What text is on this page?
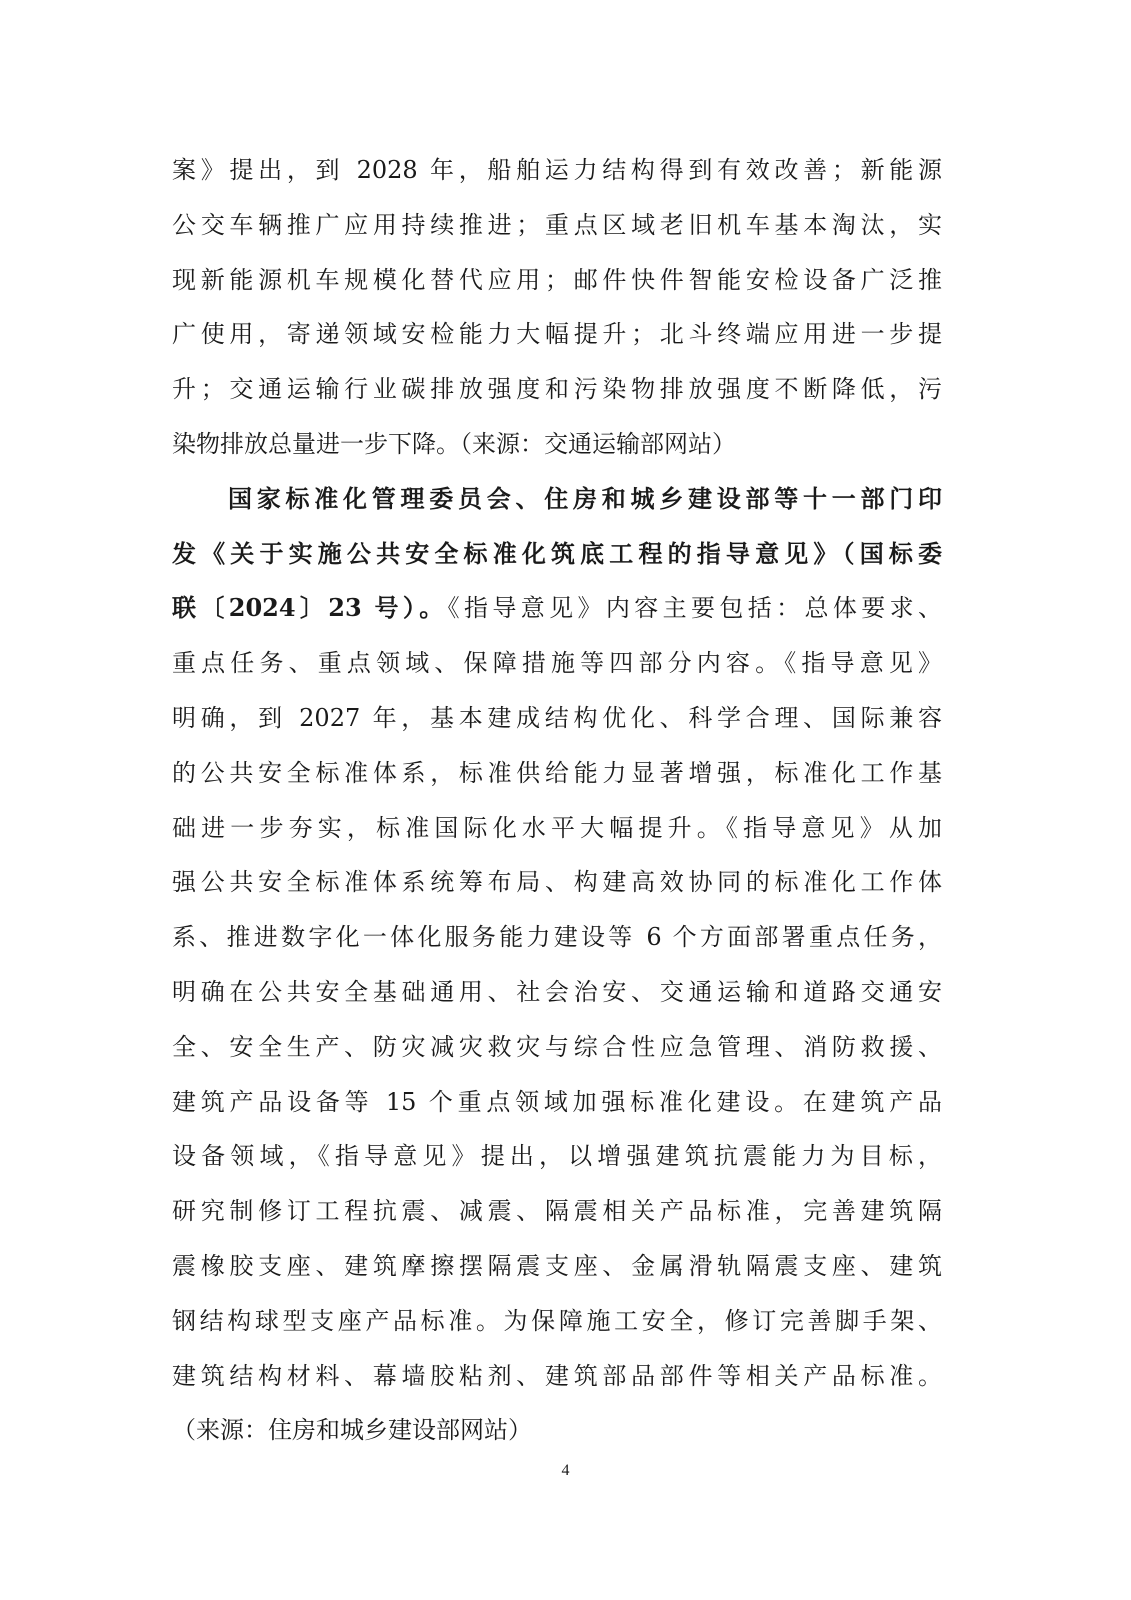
案》提出，到 2028 年，船舶运力结构得到有效改善；新能源
公交车辆推广应用持续推进；重点区域老旧机车基本淘汰，实
现新能源机车规模化替代应用；邮件快件智能安检设备广泛推
广使用，寄递领域安检能力大幅提升；北斗终端应用进一步提
升；交通运输行业碳排放强度和污染物排放强度不断降低，污
染物排放总量进一步下降。（来源：交通运输部网站）
国家标准化管理委员会、住房和城乡建设部等十一部门印
发《关于实施公共安全标准化筑底工程的指导意见》（国标委
联〔2024〕23 号）。《指导意见》内容主要包括：总体要求、
重点任务、重点领域、保障措施等四部分内容。《指导意见》
明确，到 2027 年，基本建成结构优化、科学合理、国际兼容
的公共安全标准体系，标准供给能力显著增强，标准化工作基
础进一步夯实，标准国际化水平大幅提升。《指导意见》从加
强公共安全标准体系统筹布局、构建高效协同的标准化工作体
系、推进数字化一体化服务能力建设等 6 个方面部署重点任务，
明确在公共安全基础通用、社会治安、交通运输和道路交通安
全、安全生产、防灾减灾救灾与综合性应急管理、消防救援、
建筑产品设备等 15 个重点领域加强标准化建设。在建筑产品
设备领域，《指导意见》提出，以增强建筑抗震能力为目标，
研究制修订工程抗震、减震、隔震相关产品标准，完善建筑隔
震橡胶支座、建筑摩擦摆隔震支座、金属滑轨隔震支座、建筑
钢结构球型支座产品标准。为保障施工安全，修订完善脚手架、
建筑结构材料、幕墙胶粘剂、建筑部品部件等相关产品标准。
（来源：住房和城乡建设部网站）
4
